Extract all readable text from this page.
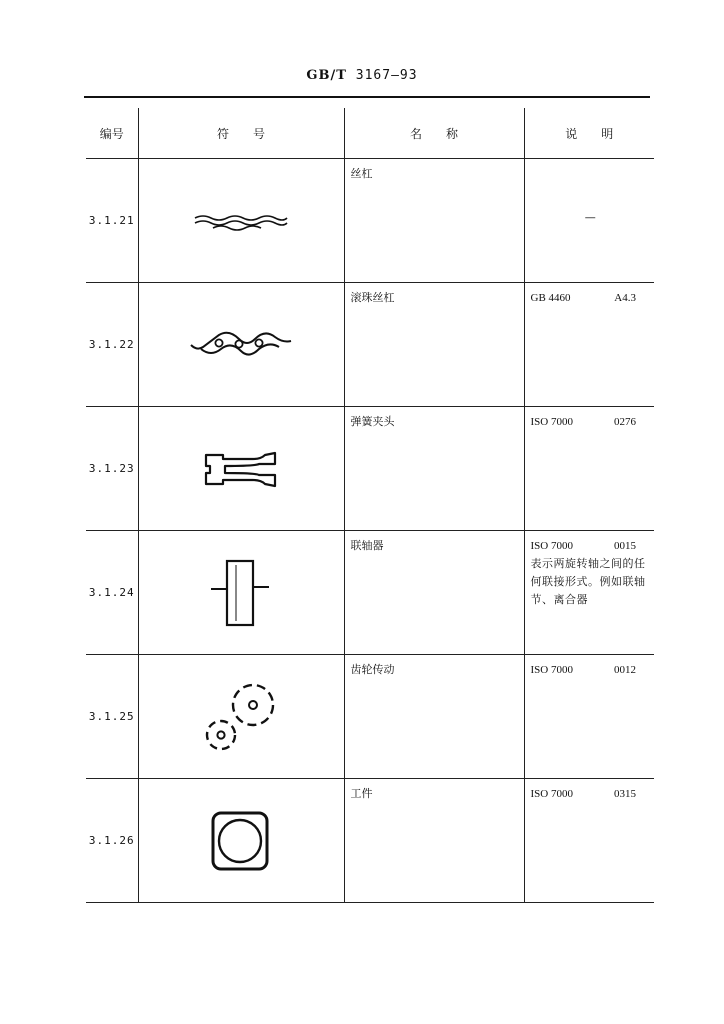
GB/T 3167—93
编号	符　　号	名　　称	说　　明
3.1.21		丝杠	—

3.1.22		滚珠丝杠	GB 4460 A4.3

3.1.23		弹簧夹头	ISO 7000 0276

3.1.24		联轴器	ISO 7000 0015
表示两旋转轴之间的任何联接形式。例如联轴节、离合器

3.1.25		齿轮传动	ISO 7000 0012

3.1.26		工件	ISO 7000 0315
